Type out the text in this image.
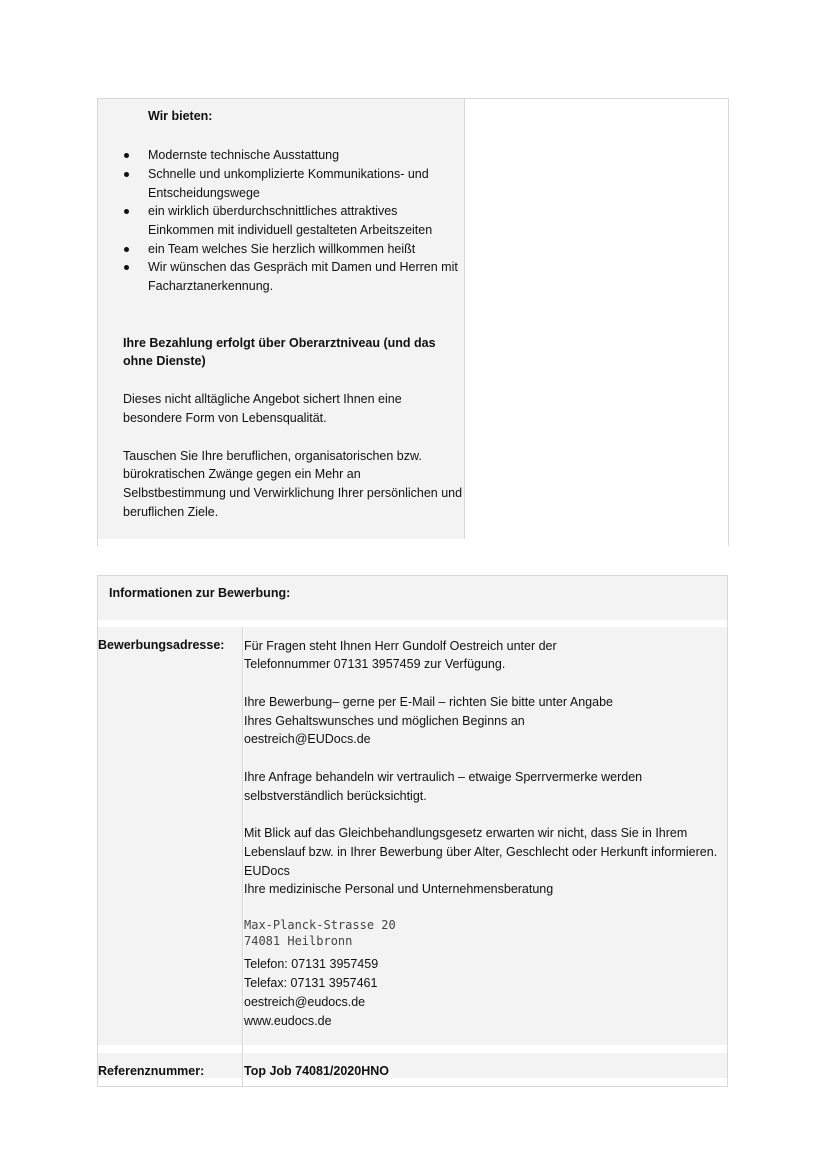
Wir bieten:
Modernste technische Ausstattung
Schnelle und unkomplizierte Kommunikations- und
Entscheidungswege
ein wirklich überdurchschnittliches attraktives
Einkommen mit individuell gestalteten Arbeitszeiten
ein Team welches Sie herzlich willkommen heißt
Wir wünschen das Gespräch mit Damen und Herren mit
Facharztanerkennung.
Ihre Bezahlung erfolgt über Oberarztniveau (und das
ohne Dienste)
Dieses nicht alltägliche Angebot sichert Ihnen eine
besondere Form von Lebensqualität.
Tauschen Sie Ihre beruflichen, organisatorischen bzw.
bürokratischen Zwänge gegen ein Mehr an
Selbstbestimmung und Verwirklichung Ihrer persönlichen und
beruflichen Ziele.
Informationen zur Bewerbung:
Bewerbungsadresse: Für Fragen steht Ihnen Herr Gundolf Oestreich unter der
Telefonnummer 07131 3957459 zur Verfügung.
Ihre Bewerbung– gerne per E-Mail – richten Sie bitte unter Angabe
Ihres Gehaltswunsches und möglichen Beginns an
oestreich@EUDocs.de
Ihre Anfrage behandeln wir vertraulich – etwaige Sperrvermerke werden
selbstverständlich berücksichtigt.
Mit Blick auf das Gleichbehandlungsgesetz erwarten wir nicht, dass Sie in Ihrem
Lebenslauf bzw. in Ihrer Bewerbung über Alter, Geschlecht oder Herkunft informieren.
EUDocs
Ihre medizinische Personal und Unternehmensberatung
Max-Planck-Strasse 20
74081 Heilbronn
Telefon: 07131 3957459
Telefax: 07131 3957461
oestreich@eudocs.de
www.eudocs.de
Referenznummer:	Top Job 74081/2020HNO
